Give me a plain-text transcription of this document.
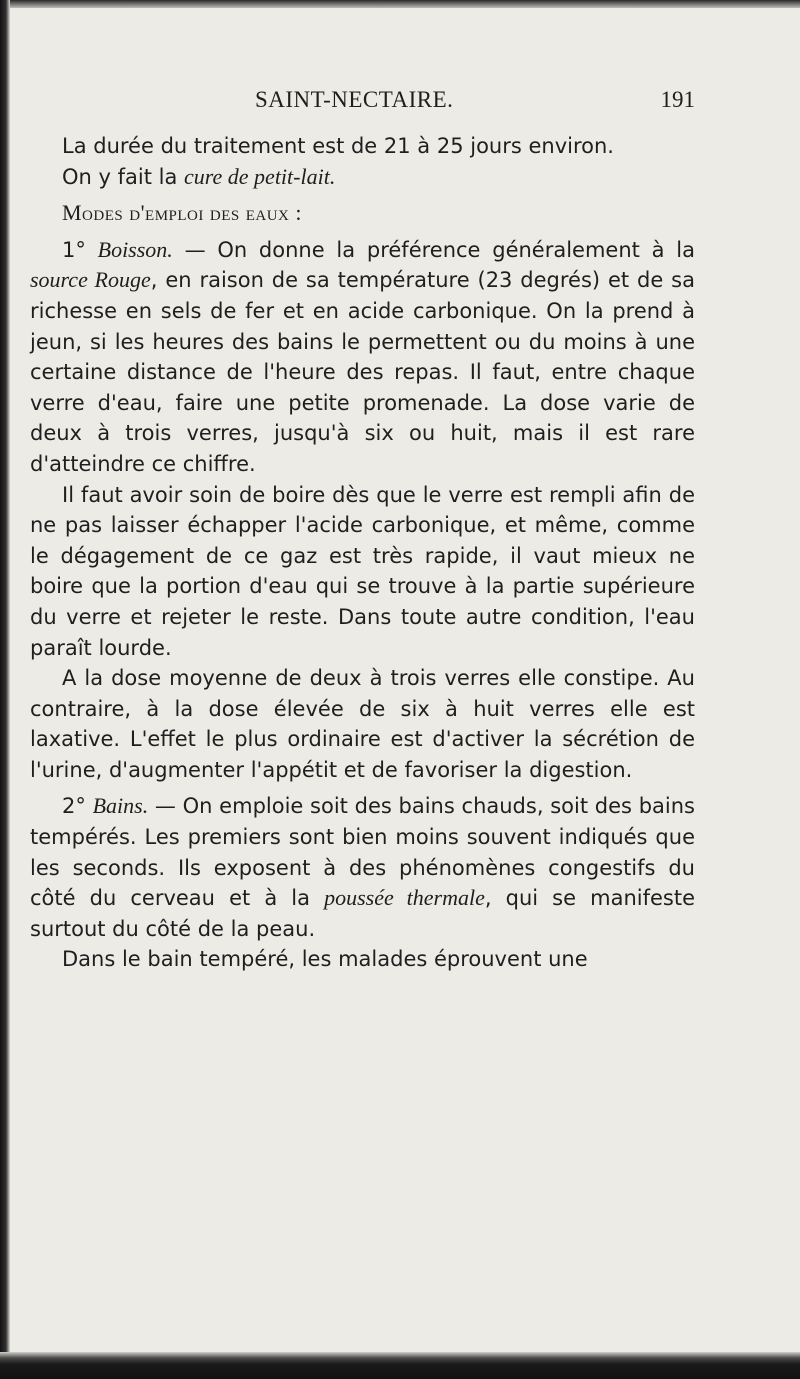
SAINT-NECTAIRE.	191

La durée du traitement est de 21 à 25 jours environ.

On y fait la cure de petit-lait.

Modes d'emploi des eaux :

1° Boisson. — On donne la préférence généralement à la source Rouge, en raison de sa température (23 degrés) et de sa richesse en sels de fer et en acide carbonique. On la prend à jeun, si les heures des bains le permettent ou du moins à une certaine distance de l'heure des repas. Il faut, entre chaque verre d'eau, faire une petite promenade. La dose varie de deux à trois verres, jusqu'à six ou huit, mais il est rare d'atteindre ce chiffre.

Il faut avoir soin de boire dès que le verre est rempli afin de ne pas laisser échapper l'acide carbonique, et même, comme le dégagement de ce gaz est très rapide, il vaut mieux ne boire que la portion d'eau qui se trouve à la partie supérieure du verre et rejeter le reste. Dans toute autre condition, l'eau paraît lourde.

A la dose moyenne de deux à trois verres elle constipe. Au contraire, à la dose élevée de six à huit verres elle est laxative. L'effet le plus ordinaire est d'activer la sécrétion de l'urine, d'augmenter l'appétit et de favoriser la digestion.

2° Bains. — On emploie soit des bains chauds, soit des bains tempérés. Les premiers sont bien moins souvent indiqués que les seconds. Ils exposent à des phénomènes congestifs du côté du cerveau et à la poussée thermale, qui se manifeste surtout du côté de la peau.

Dans le bain tempéré, les malades éprouvent une
